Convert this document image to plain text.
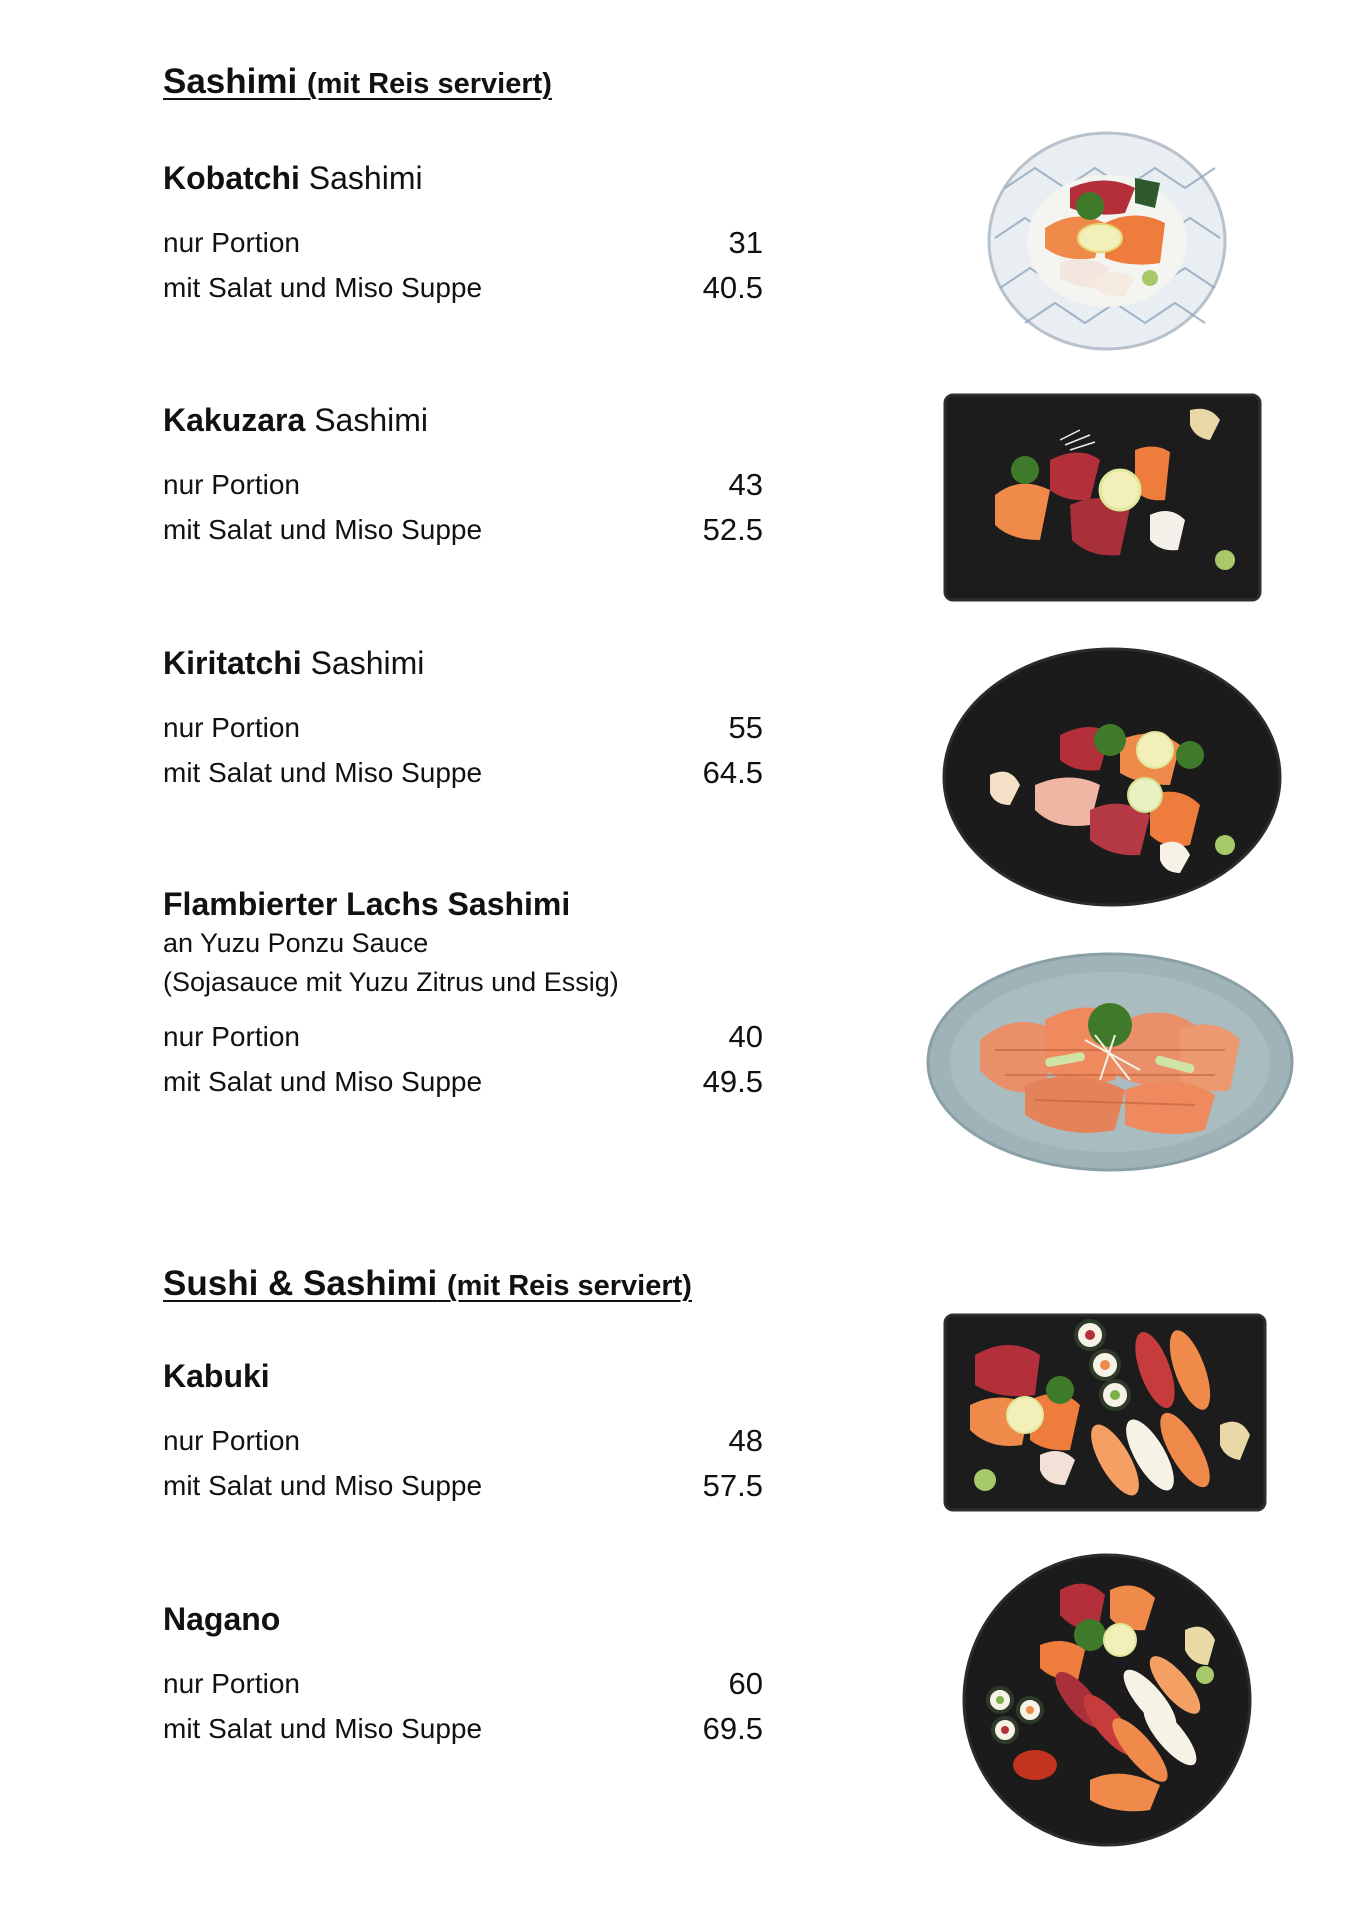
Sashimi (mit Reis serviert)
Kobatchi Sashimi
nur Portion	31
mit Salat und Miso Suppe	40.5
Kakuzara Sashimi
nur Portion	43
mit Salat und Miso Suppe	52.5
Kiritatchi Sashimi
nur Portion	55
mit Salat und Miso Suppe	64.5
Flambierter Lachs Sashimi
an Yuzu Ponzu Sauce
(Sojasauce mit Yuzu Zitrus und Essig)
nur Portion	40
mit Salat und Miso Suppe	49.5
Sushi & Sashimi (mit Reis serviert)
Kabuki
nur Portion	48
mit Salat und Miso Suppe	57.5
Nagano
nur Portion	60
mit Salat und Miso Suppe	69.5
